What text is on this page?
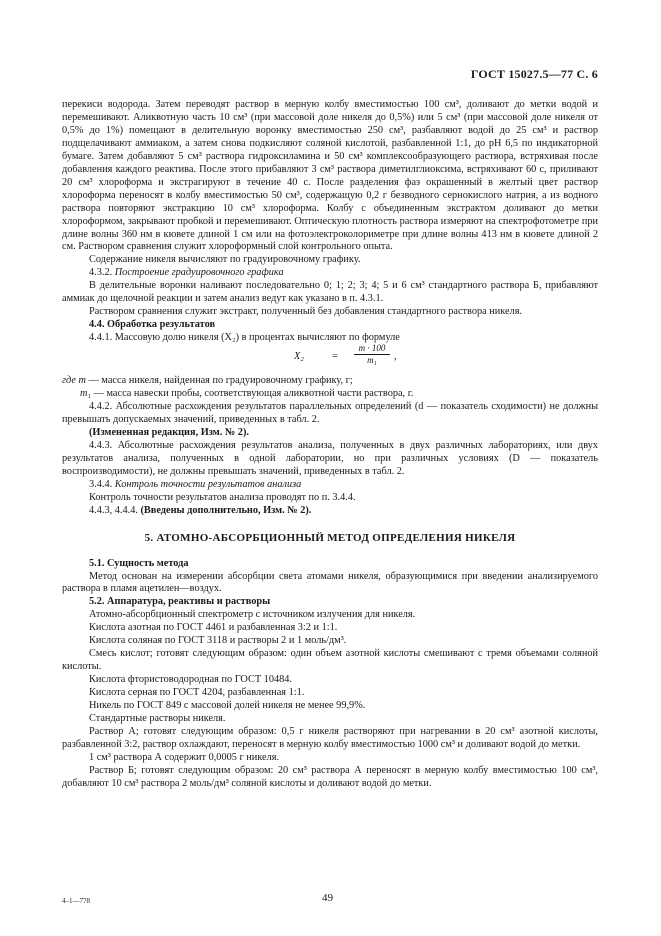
ГОСТ 15027.5—77 С. 6

перекиси водорода. Затем переводят раствор в мерную колбу вместимостью 100 см³, доливают до метки водой и перемешивают. Аликвотную часть 10 см³ (при массовой доле никеля до 0,5%) или 5 см³ (при массовой доле никеля от 0,5% до 1%) помещают в делительную воронку вместимостью 250 см³, разбавляют водой до 25 см³ и раствор подщелачивают аммиаком, а затем снова подкисляют соляной кислотой, разбавленной 1:1, до pH 6,5 по индикаторной бумаге. Затем добавляют 5 см³ раствора гидроксиламина и 50 см³ комплексообразующего раствора, встряхивая после добавления каждого реактива. После этого прибавляют 3 см³ раствора диметилглиоксима, встряхивают 60 с, приливают 20 см³ хлороформа и экстрагируют в течение 40 с. После разделения фаз окрашенный в желтый цвет раствор хлороформа переносят в колбу вместимостью 50 см³, содержащую 0,2 г безводного сернокислого натрия, а из водного раствора повторяют экстракцию 10 см³ хлороформа. Колбу с объединенным экстрактом доливают до метки хлороформом, закрывают пробкой и перемешивают. Оптическую плотность раствора измеряют на спектрофотометре при длине волны 360 нм в кювете длиной 1 см или на фотоэлектроколориметре при длине волны 413 нм в кювете длиной 2 см. Раствором сравнения служит хлороформный слой контрольного опыта.

Содержание никеля вычисляют по градуировочному графику.

4.3.2. Построение градуировочного графика

В делительные воронки наливают последовательно 0; 1; 2; 3; 4; 5 и 6 см³ стандартного раствора Б, прибавляют аммиак до щелочной реакции и затем анализ ведут как указано в п. 4.3.1.

Раствором сравнения служит экстракт, полученный без добавления стандартного раствора никеля.

4.4. Обработка результатов

4.4.1. Массовую долю никеля (X₂) в процентах вычисляют по формуле

X₂	= $\frac{m \cdot 100}{\text{m₁}}$ ,

где m — масса никеля, найденная по градуировочному графику, г;

m₁ — масса навески пробы, соответствующая аликвотной части раствора, г.

4.4.2. Абсолютные расхождения результатов параллельных определений (d — показатель сходимости) не должны превышать допускаемых значений, приведенных в табл. 2.

(Измененная редакция, Изм. № 2).

4.4.3. Абсолютные расхождения результатов анализа, полученных в двух различных лабораториях, или двух результатов анализа, полученных в одной лаборатории, но при различных условиях (D — показатель воспроизводимости), не должны превышать значений, приведенных в табл. 2.

3.4.4. Контроль точности результатов анализа

Контроль точности результатов анализа проводят по п. 3.4.4.

4.4.3, 4.4.4. (Введены дополнительно, Изм. № 2).

5. АТОМНО-АБСОРБЦИОННЫЙ МЕТОД ОПРЕДЕЛЕНИЯ НИКЕЛЯ

5.1. Сущность метода

Метод основан на измерении абсорбции света атомами никеля, образующимися при введении анализируемого раствора в пламя ацетилен—воздух.

5.2. Аппаратура, реактивы и растворы

Атомно-абсорбционный спектрометр с источником излучения для никеля.

Кислота азотная по ГОСТ 4461 и разбавленная 3:2 и 1:1.

Кислота соляная по ГОСТ 3118 и растворы 2 и 1 моль/дм³.

Смесь кислот; готовят следующим образом: один объем азотной кислоты смешивают с тремя объемами соляной кислоты.

Кислота фтористоводородная по ГОСТ 10484.

Кислота серная по ГОСТ 4204, разбавленная 1:1.

Никель по ГОСТ 849 с массовой долей никеля не менее 99,9%.

Стандартные растворы никеля.

Раствор А; готовят следующим образом: 0,5 г никеля растворяют при нагревании в 20 см³ азотной кислоты, разбавленной 3:2, раствор охлаждают, переносят в мерную колбу вместимостью 1000 см³ и доливают водой до метки.

1 см³ раствора А содержит 0,0005 г никеля.

Раствор Б; готовят следующим образом: 20 см³ раствора А переносят в мерную колбу вместимостью 100 см³, добавляют 10 см³ раствора 2 моль/дм³ соляной кислоты и доливают водой до метки.

4–1—778	49
